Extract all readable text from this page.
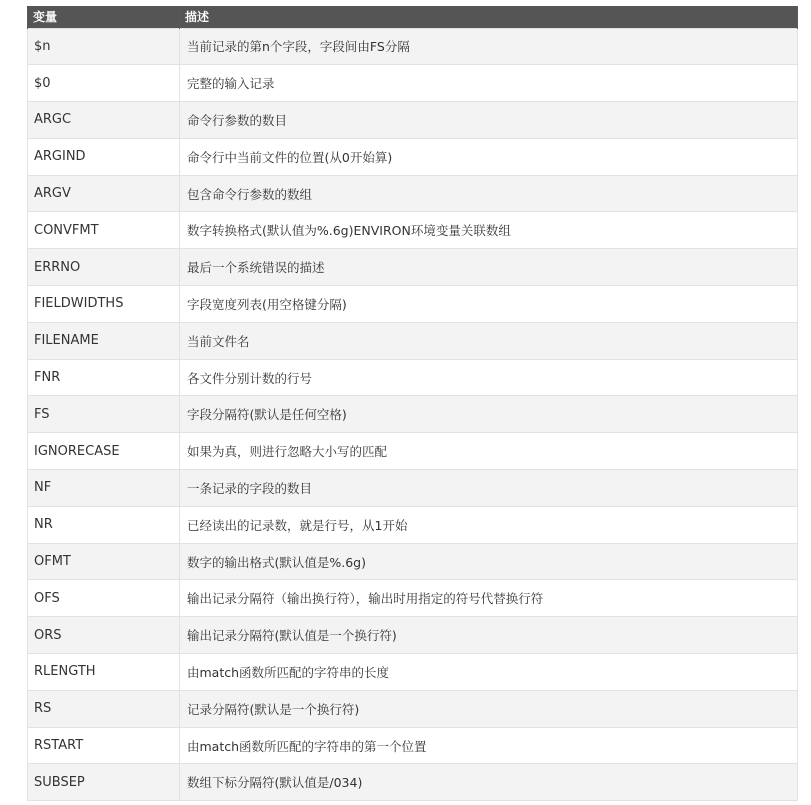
变量	描述
$n	当前记录的第n个字段，字段间由FS分隔
$0	完整的输入记录
ARGC	命令行参数的数目
ARGIND	命令行中当前文件的位置(从0开始算)
ARGV	包含命令行参数的数组
CONVFMT	数字转换格式(默认值为%.6g)ENVIRON环境变量关联数组
ERRNO	最后一个系统错误的描述
FIELDWIDTHS	字段宽度列表(用空格键分隔)
FILENAME	当前文件名
FNR	各文件分别计数的行号
FS	字段分隔符(默认是任何空格)
IGNORECASE	如果为真，则进行忽略大小写的匹配
NF	一条记录的字段的数目
NR	已经读出的记录数，就是行号，从1开始
OFMT	数字的输出格式(默认值是%.6g)
OFS	输出记录分隔符（输出换行符），输出时用指定的符号代替换行符
ORS	输出记录分隔符(默认值是一个换行符)
RLENGTH	由match函数所匹配的字符串的长度
RS	记录分隔符(默认是一个换行符)
RSTART	由match函数所匹配的字符串的第一个位置
SUBSEP	数组下标分隔符(默认值是/034)
